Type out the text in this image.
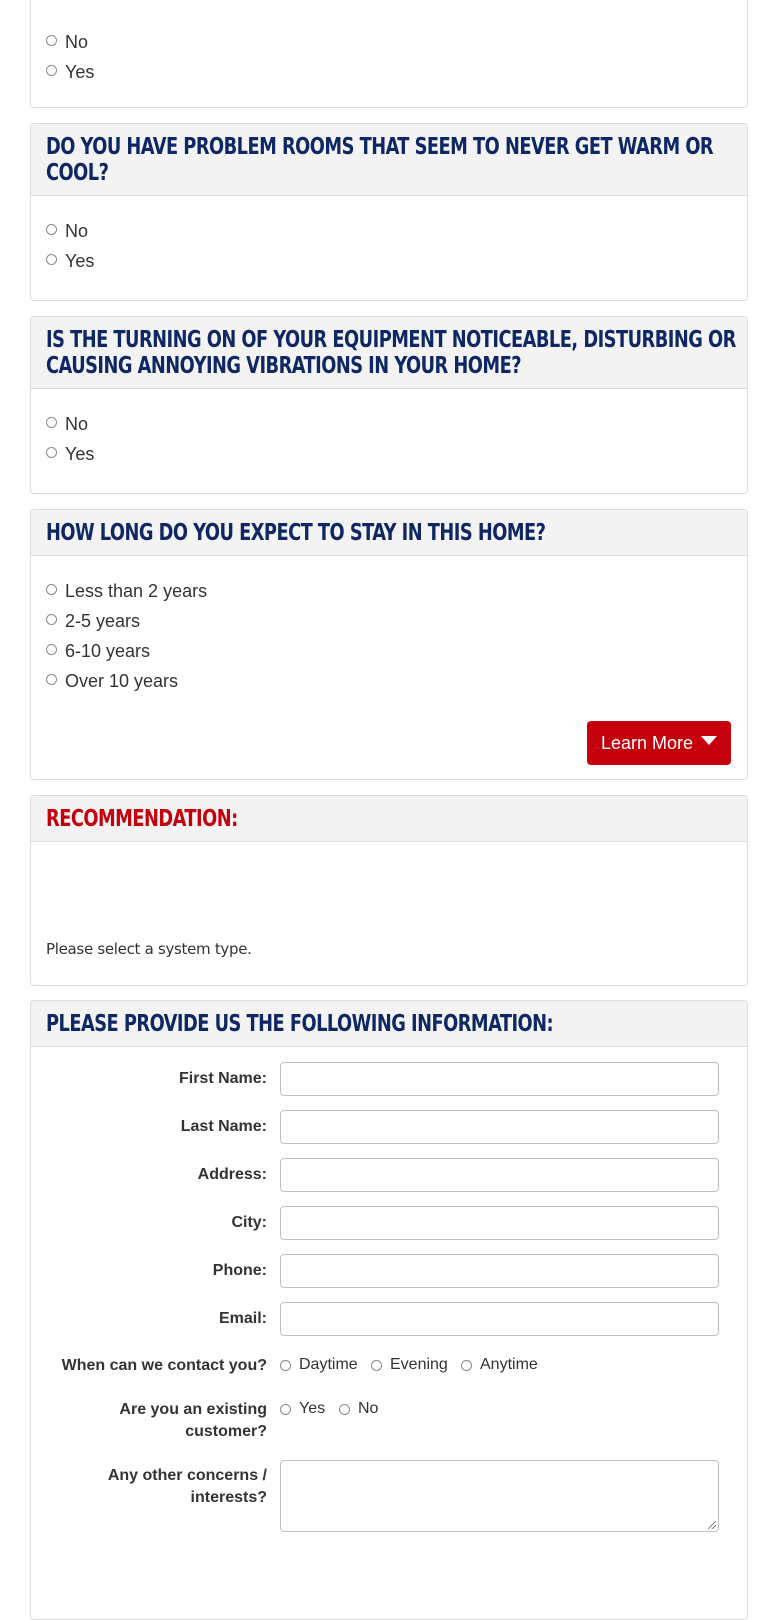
No
Yes
DO YOU HAVE PROBLEM ROOMS THAT SEEM TO NEVER GET WARM OR COOL?
No
Yes
IS THE TURNING ON OF YOUR EQUIPMENT NOTICEABLE, DISTURBING OR CAUSING ANNOYING VIBRATIONS IN YOUR HOME?
No
Yes
HOW LONG DO YOU EXPECT TO STAY IN THIS HOME?
Less than 2 years
2-5 years
6-10 years
Over 10 years
Learn More
RECOMMENDATION:
Please select a system type.
PLEASE PROVIDE US THE FOLLOWING INFORMATION:
First Name:
Last Name:
Address:
City:
Phone:
Email:
When can we contact you? Daytime Evening Anytime
Are you an existing
customer?
Yes No
Any other concerns /
interests?
